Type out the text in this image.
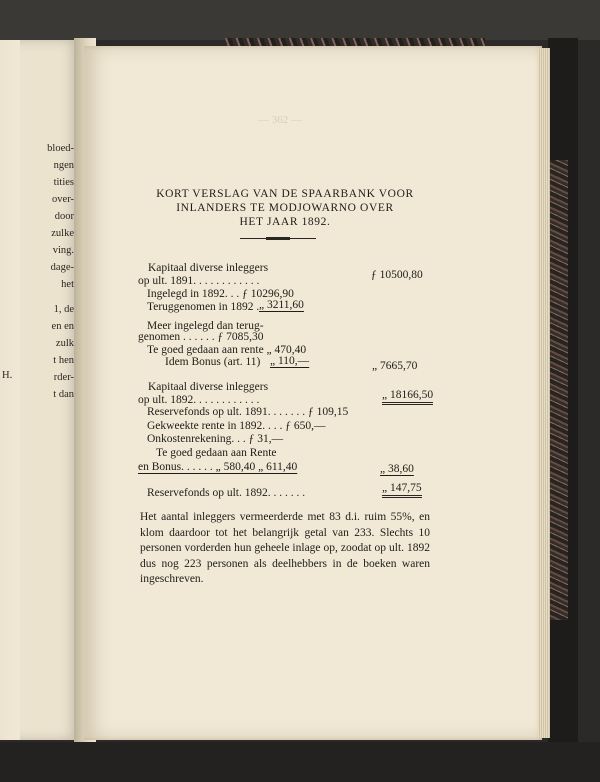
bloed-
ngen
tities
over-
door
zulke
ving.
dage-
het
1, de
en en
zulk
t hen
rder-
t dan
H.
— 362 —
KORT VERSLAG VAN DE SPAARBANK VOOR
INLANDERS TE MODJOWARNO OVER
HET JAAR 1892.
Kapitaal diverse inleggers
op ult. 1891. . . . . . . . . . . .	ƒ 10500,80
Ingelegd in 1892. . . ƒ 10296,90
Teruggenomen in 1892 . „ 3211,60
Meer ingelegd dan terug-
genomen . . . . . . ƒ 7085,30
Te goed gedaan aan rente „ 470,40
Idem Bonus (art. 11) „ 110,—	„ 7665,70
Kapitaal diverse inleggers
op ult. 1892. . . . . . . . . . . .	„ 18166,50
Reservefonds op ult. 1891. . . . . . . ƒ 109,15
Gekweekte rente in 1892. . . . ƒ 650,—
Onkostenrekening. . . ƒ 31,—
Te goed gedaan aan Rente
en Bonus. . . . . . „ 580,40 „ 611,40	„ 38,60
Reservefonds op ult. 1892. . . . . . .	„ 147,75
Het aantal inleggers vermeerderde met 83 d.i. ruim 55%, en klom daardoor tot het belangrijk getal van 233. Slechts 10 personen vorderden hun geheele inlage op, zoodat op ult. 1892 dus nog 223 personen als deelhebbers in de boeken waren ingeschreven.
